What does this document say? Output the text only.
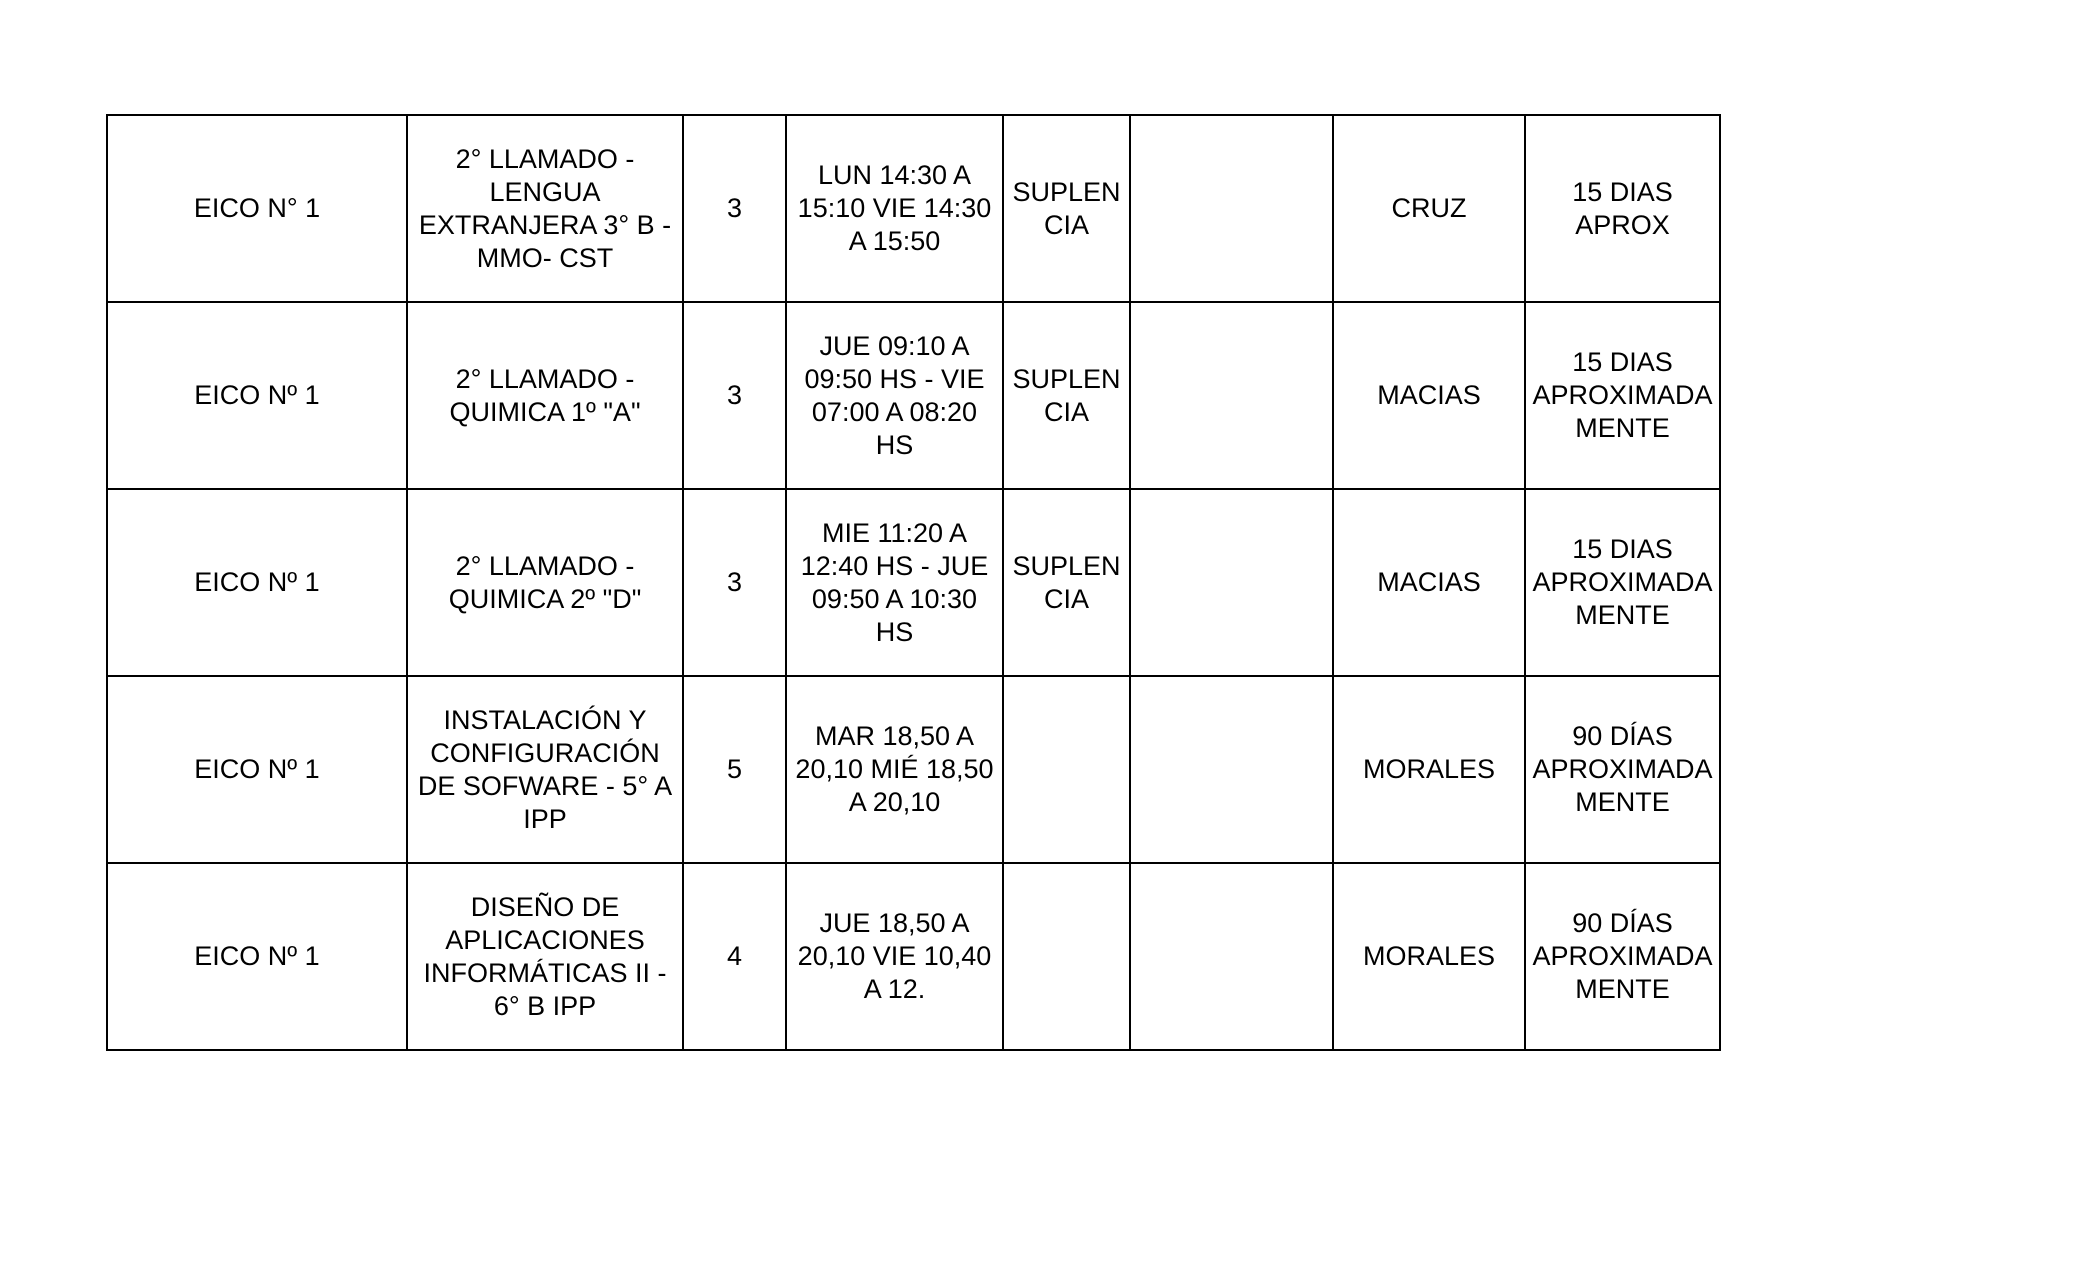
EICO N° 1	2° LLAMADO -
LENGUA
EXTRANJERA 3° B -
MMO- CST	3	LUN 14:30 A
15:10 VIE 14:30
A 15:50	SUPLEN
CIA		CRUZ	15 DIAS
APROX
EICO Nº 1	2° LLAMADO -
QUIMICA 1º "A"	3	JUE 09:10 A
09:50 HS - VIE
07:00 A 08:20
HS	SUPLEN
CIA		MACIAS	15 DIAS
APROXIMADA
MENTE
EICO Nº 1	2° LLAMADO -
QUIMICA 2º "D"	3	MIE 11:20 A
12:40 HS - JUE
09:50 A 10:30
HS	SUPLEN
CIA		MACIAS	15 DIAS
APROXIMADA
MENTE
EICO Nº 1	INSTALACIÓN Y
CONFIGURACIÓN
DE SOFWARE - 5° A
IPP	5	MAR 18,50 A
20,10 MIÉ 18,50
A 20,10			MORALES	90 DÍAS
APROXIMADA
MENTE
EICO Nº 1	DISEÑO DE
APLICACIONES
INFORMÁTICAS II -
6° B IPP	4	JUE 18,50 A
20,10 VIE 10,40
A 12.			MORALES	90 DÍAS
APROXIMADA
MENTE
